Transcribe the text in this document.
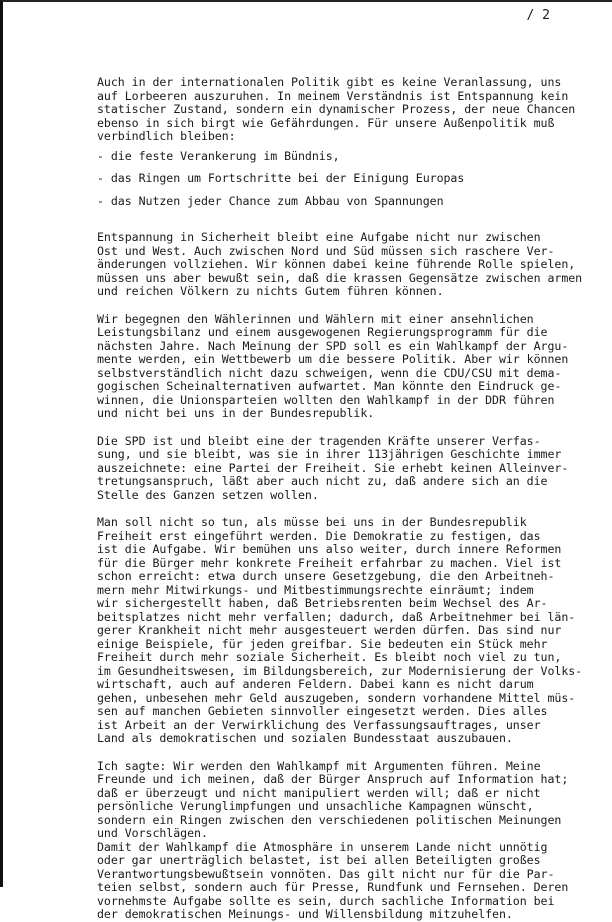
/ 2
Auch in der internationalen Politik gibt es keine Veranlassung, uns
auf Lorbeeren auszuruhen. In meinem Verständnis ist Entspannung kein
statischer Zustand, sondern ein dynamischer Prozess, der neue Chancen
ebenso in sich birgt wie Gefährdungen. Für unsere Außenpolitik muß
verbindlich bleiben:
- die feste Verankerung im Bündnis,
- das Ringen um Fortschritte bei der Einigung Europas
- das Nutzen jeder Chance zum Abbau von Spannungen
Entspannung in Sicherheit bleibt eine Aufgabe nicht nur zwischen
Ost und West. Auch zwischen Nord und Süd müssen sich raschere Ver-
änderungen vollziehen. Wir können dabei keine führende Rolle spielen,
müssen uns aber bewußt sein, daß die krassen Gegensätze zwischen armen
und reichen Völkern zu nichts Gutem führen können.
Wir begegnen den Wählerinnen und Wählern mit einer ansehnlichen
Leistungsbilanz und einem ausgewogenen Regierungsprogramm für die
nächsten Jahre. Nach Meinung der SPD soll es ein Wahlkampf der Argu-
mente werden, ein Wettbewerb um die bessere Politik. Aber wir können
selbstverständlich nicht dazu schweigen, wenn die CDU/CSU mit dema-
gogischen Scheinalternativen aufwartet. Man könnte den Eindruck ge-
winnen, die Unionsparteien wollten den Wahlkampf in der DDR führen
und nicht bei uns in der Bundesrepublik.
Die SPD ist und bleibt eine der tragenden Kräfte unserer Verfas-
sung, und sie bleibt, was sie in ihrer 113jährigen Geschichte immer
auszeichnete: eine Partei der Freiheit. Sie erhebt keinen Alleinver-
tretungsanspruch, läßt aber auch nicht zu, daß andere sich an die
Stelle des Ganzen setzen wollen.
Man soll nicht so tun, als müsse bei uns in der Bundesrepublik
Freiheit erst eingeführt werden. Die Demokratie zu festigen, das
ist die Aufgabe. Wir bemühen uns also weiter, durch innere Reformen
für die Bürger mehr konkrete Freiheit erfahrbar zu machen. Viel ist
schon erreicht: etwa durch unsere Gesetzgebung, die den Arbeitneh-
mern mehr Mitwirkungs- und Mitbestimmungsrechte einräumt; indem
wir sichergestellt haben, daß Betriebsrenten beim Wechsel des Ar-
beitsplatzes nicht mehr verfallen; dadurch, daß Arbeitnehmer bei län-
gerer Krankheit nicht mehr ausgesteuert werden dürfen. Das sind nur
einige Beispiele, für jeden greifbar. Sie bedeuten ein Stück mehr
Freiheit durch mehr soziale Sicherheit. Es bleibt noch viel zu tun,
im Gesundheitswesen, im Bildungsbereich, zur Modernisierung der Volks-
wirtschaft, auch auf anderen Feldern. Dabei kann es nicht darum
gehen, unbesehen mehr Geld auszugeben, sondern vorhandene Mittel müs-
sen auf manchen Gebieten sinnvoller eingesetzt werden. Dies alles
ist Arbeit an der Verwirklichung des Verfassungsauftrages, unser
Land als demokratischen und sozialen Bundesstaat auszubauen.
Ich sagte: Wir werden den Wahlkampf mit Argumenten führen. Meine
Freunde und ich meinen, daß der Bürger Anspruch auf Information hat;
daß er überzeugt und nicht manipuliert werden will; daß er nicht
persönliche Verunglimpfungen und unsachliche Kampagnen wünscht,
sondern ein Ringen zwischen den verschiedenen politischen Meinungen
und Vorschlägen.
Damit der Wahlkampf die Atmosphäre in unserem Lande nicht unnötig
oder gar unerträglich belastet, ist bei allen Beteiligten großes
Verantwortungsbewußtsein vonnöten. Das gilt nicht nur für die Par-
teien selbst, sondern auch für Presse, Rundfunk und Fernsehen. Deren
vornehmste Aufgabe sollte es sein, durch sachliche Information bei
der demokratischen Meinungs- und Willensbildung mitzuhelfen.
